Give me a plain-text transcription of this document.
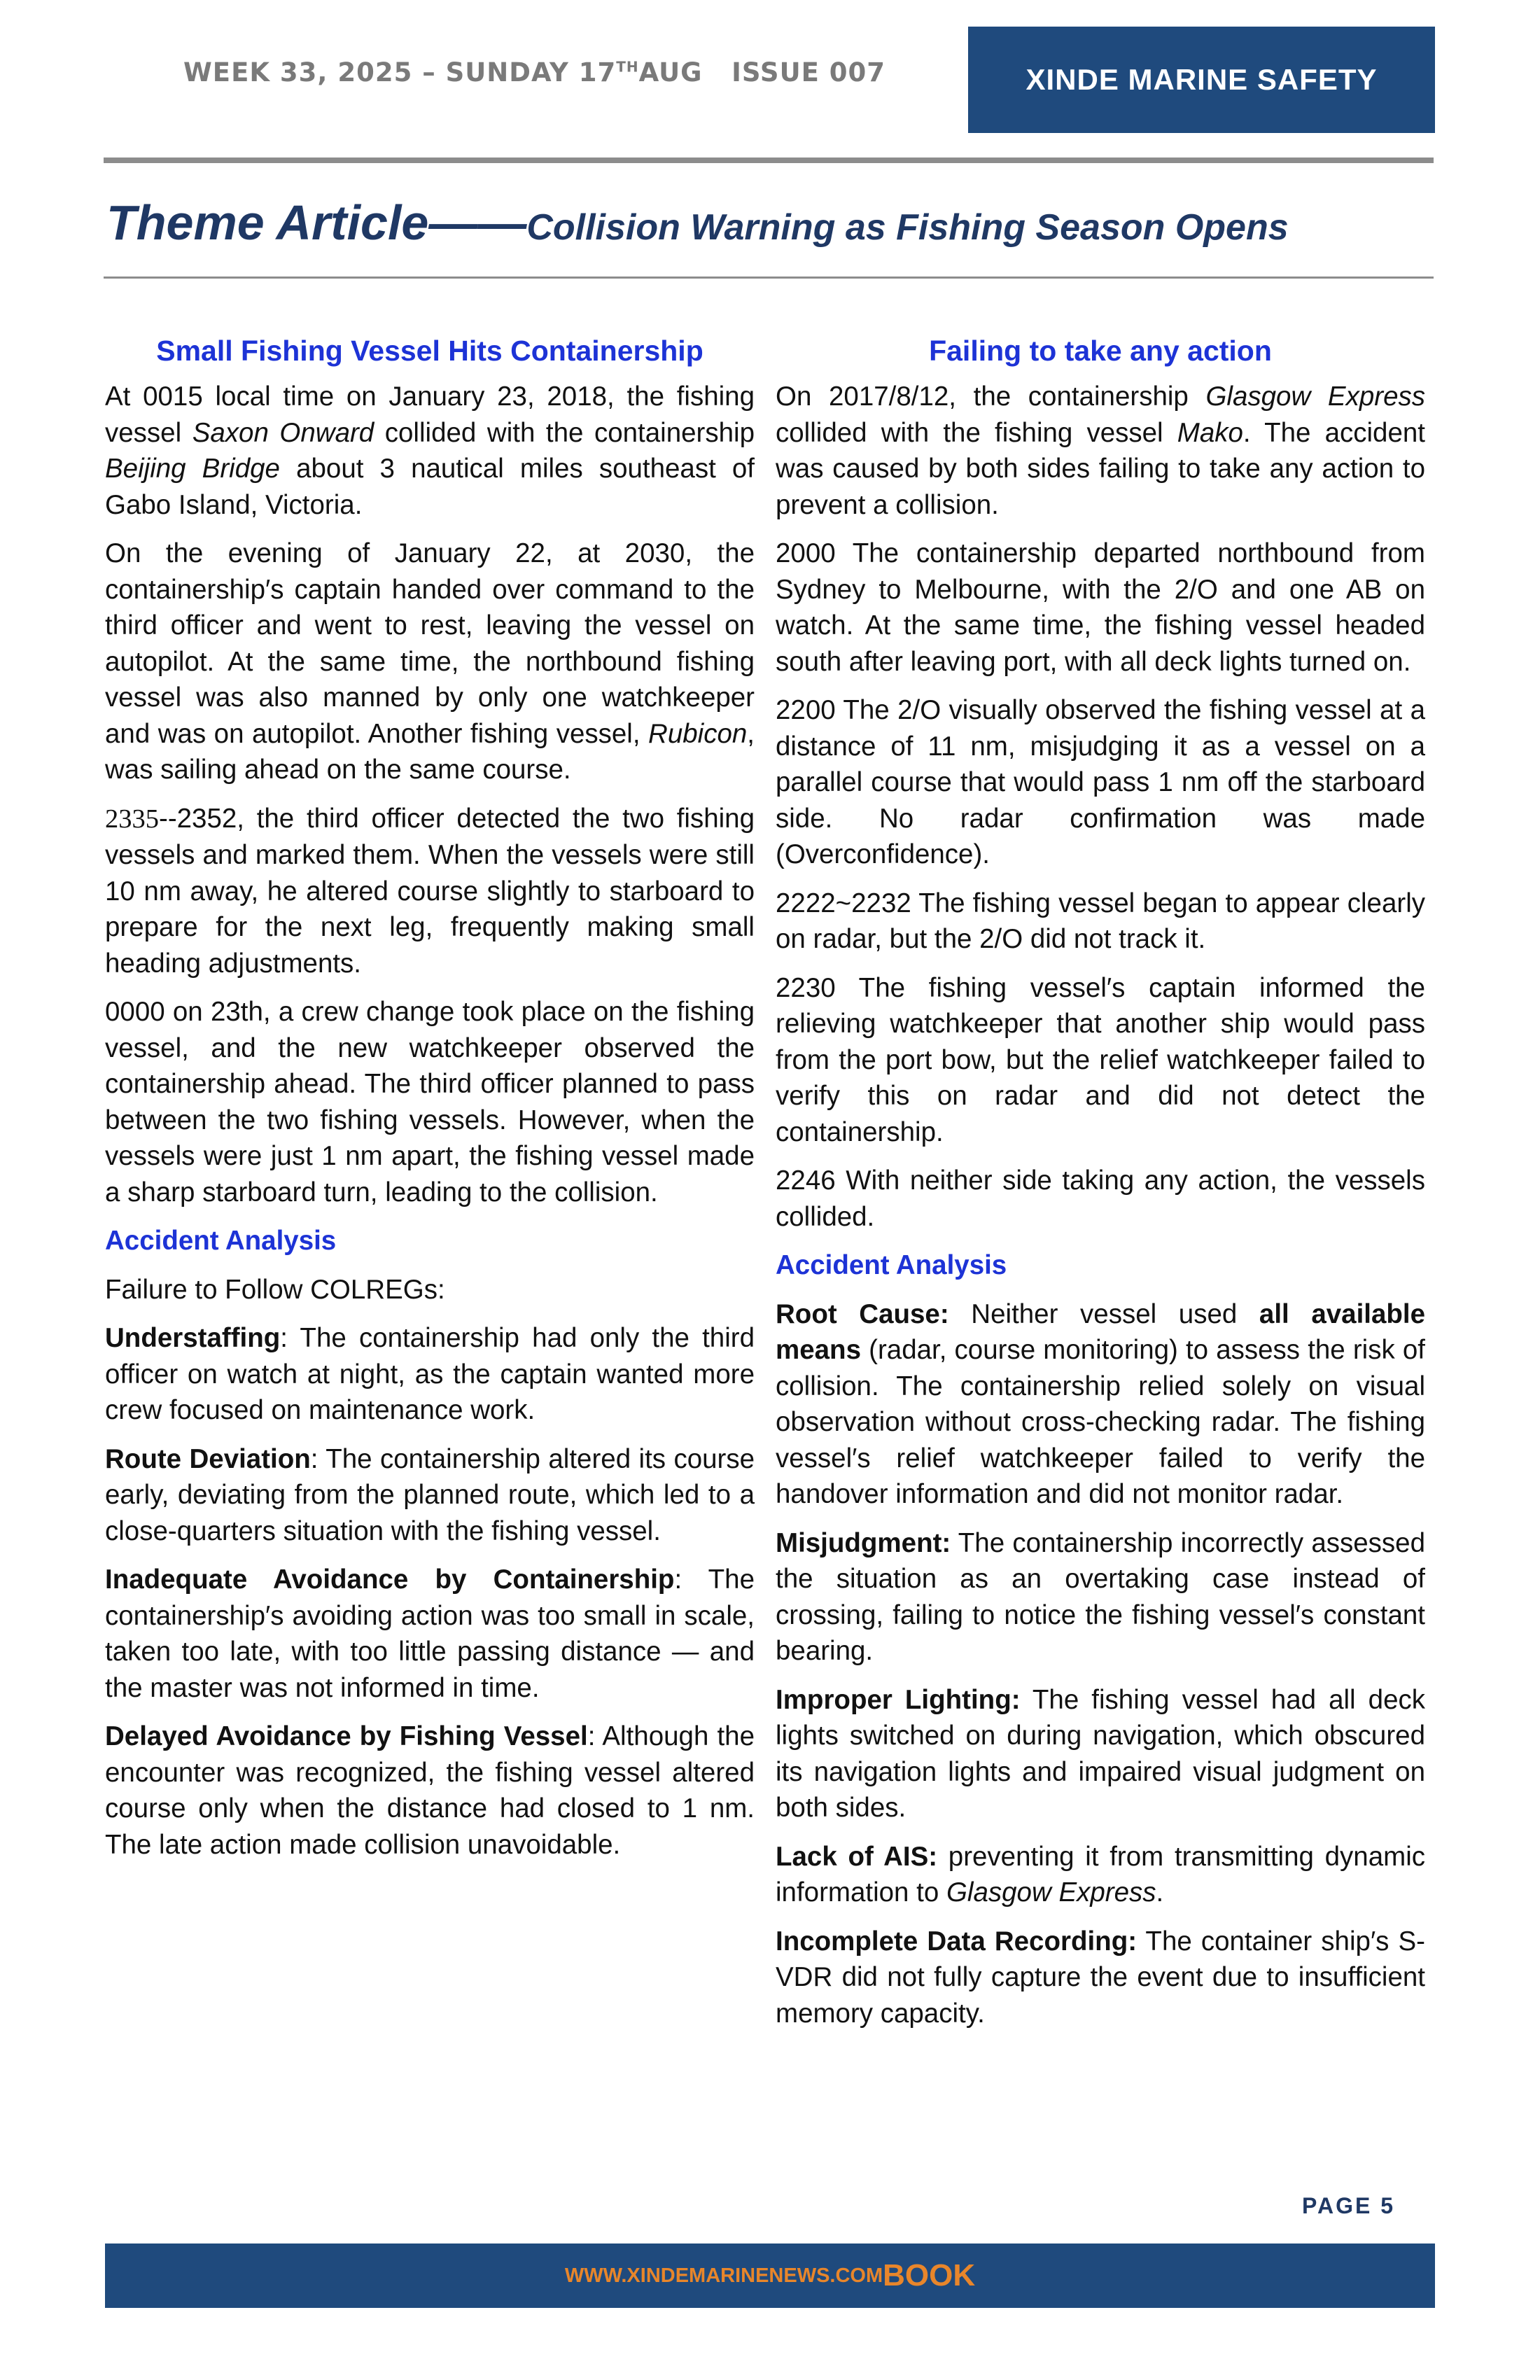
WEEK 33, 2025 – SUNDAY 17THAUG   ISSUE 007	XINDE MARINE SAFETY
Theme Article——Collision Warning as Fishing Season Opens
Small Fishing Vessel Hits Containership

At 0015 local time on January 23, 2018, the fishing vessel Saxon Onward collided with the containership Beijing Bridge about 3 nautical miles southeast of Gabo Island, Victoria.

On the evening of January 22, at 2030, the containership′s captain handed over command to the third officer and went to rest, leaving the vessel on autopilot. At the same time, the northbound fishing vessel was also manned by only one watchkeeper and was on autopilot. Another fishing vessel, Rubicon, was sailing ahead on the same course.

2335--2352, the third officer detected the two fishing vessels and marked them. When the vessels were still 10 nm away, he altered course slightly to starboard to prepare for the next leg, frequently making small heading adjustments.

0000 on 23th, a crew change took place on the fishing vessel, and the new watchkeeper observed the containership ahead. The third officer planned to pass between the two fishing vessels. However, when the vessels were just 1 nm apart, the fishing vessel made a sharp starboard turn, leading to the collision.

Accident Analysis

Failure to Follow COLREGs:

Understaffing: The containership had only the third officer on watch at night, as the captain wanted more crew focused on maintenance work.

Route Deviation: The containership altered its course early, deviating from the planned route, which led to a close-quarters situation with the fishing vessel.

Inadequate Avoidance by Containership: The containership′s avoiding action was too small in scale, taken too late, with too little passing distance — and the master was not informed in time.

Delayed Avoidance by Fishing Vessel: Although the encounter was recognized, the fishing vessel altered course only when the distance had closed to 1 nm. The late action made collision unavoidable.

Failing to take any action

On 2017/8/12, the containership Glasgow Express collided with the fishing vessel Mako. The accident was caused by both sides failing to take any action to prevent a collision.

2000 The containership departed northbound from Sydney to Melbourne, with the 2/O and one AB on watch. At the same time, the fishing vessel headed south after leaving port, with all deck lights turned on.

2200 The 2/O visually observed the fishing vessel at a distance of 11 nm, misjudging it as a vessel on a parallel course that would pass 1 nm off the starboard side. No radar confirmation was made (Overconfidence).

2222~2232 The fishing vessel began to appear clearly on radar, but the 2/O did not track it.

2230 The fishing vessel′s captain informed the relieving watchkeeper that another ship would pass from the port bow, but the relief watchkeeper failed to verify this on radar and did not detect the containership.

2246 With neither side taking any action, the vessels collided.

Accident Analysis

Root Cause: Neither vessel used all available means (radar, course monitoring) to assess the risk of collision. The containership relied solely on visual observation without cross-checking radar. The fishing vessel′s relief watchkeeper failed to verify the handover information and did not monitor radar.

Misjudgment: The containership incorrectly assessed the situation as an overtaking case instead of crossing, failing to notice the fishing vessel′s constant bearing.

Improper Lighting: The fishing vessel had all deck lights switched on during navigation, which obscured its navigation lights and impaired visual judgment on both sides.

Lack of AIS: preventing it from transmitting dynamic information to Glasgow Express.

Incomplete Data Recording: The container ship′s S-VDR did not fully capture the event due to insufficient memory capacity.

PAGE 5
WWW.XINDEMARINENEWS.COM BOOK
